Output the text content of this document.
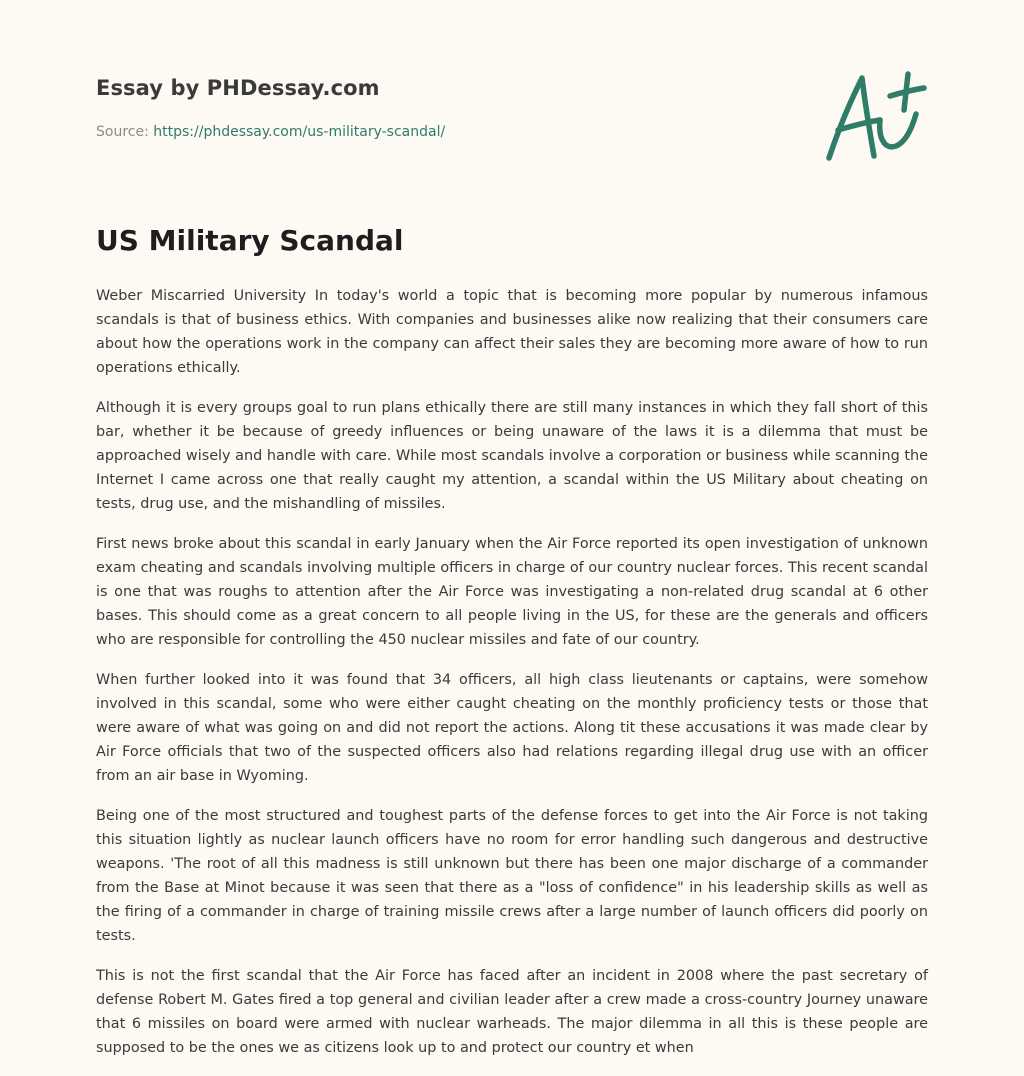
Essay by PHDessay.com
Source: https://phdessay.com/us-military-scandal/
US Military Scandal

Weber Miscarried University In today's world a topic that is becoming more popular by numerous infamous scandals is that of business ethics. With companies and businesses alike now realizing that their consumers care about how the operations work in the company can affect their sales they are becoming more aware of how to run operations ethically.

Although it is every groups goal to run plans ethically there are still many instances in which they fall short of this bar, whether it be because of greedy influences or being unaware of the laws it is a dilemma that must be approached wisely and handle with care. While most scandals involve a corporation or business while scanning the Internet I came across one that really caught my attention, a scandal within the US Military about cheating on tests, drug use, and the mishandling of missiles.

First news broke about this scandal in early January when the Air Force reported its open investigation of unknown exam cheating and scandals involving multiple officers in charge of our country nuclear forces. This recent scandal is one that was roughs to attention after the Air Force was investigating a non-related drug scandal at 6 other bases. This should come as a great concern to all people living in the US, for these are the generals and officers who are responsible for controlling the 450 nuclear missiles and fate of our country.

When further looked into it was found that 34 officers, all high class lieutenants or captains, were somehow involved in this scandal, some who were either caught cheating on the monthly proficiency tests or those that were aware of what was going on and did not report the actions. Along tit these accusations it was made clear by Air Force officials that two of the suspected officers also had relations regarding illegal drug use with an officer from an air base in Wyoming.

Being one of the most structured and toughest parts of the defense forces to get into the Air Force is not taking this situation lightly as nuclear launch officers have no room for error handling such dangerous and destructive weapons. 'The root of all this madness is still unknown but there has been one major discharge of a commander from the Base at Minot because it was seen that there as a "loss of confidence" in his leadership skills as well as the firing of a commander in charge of training missile crews after a large number of launch officers did poorly on tests.

This is not the first scandal that the Air Force has faced after an incident in 2008 where the past secretary of defense Robert M. Gates fired a top general and civilian leader after a crew made a cross-country Journey unaware that 6 missiles on board were armed with nuclear warheads. The major dilemma in all this is these people are supposed to be the ones we as citizens look up to and protect our country et when
